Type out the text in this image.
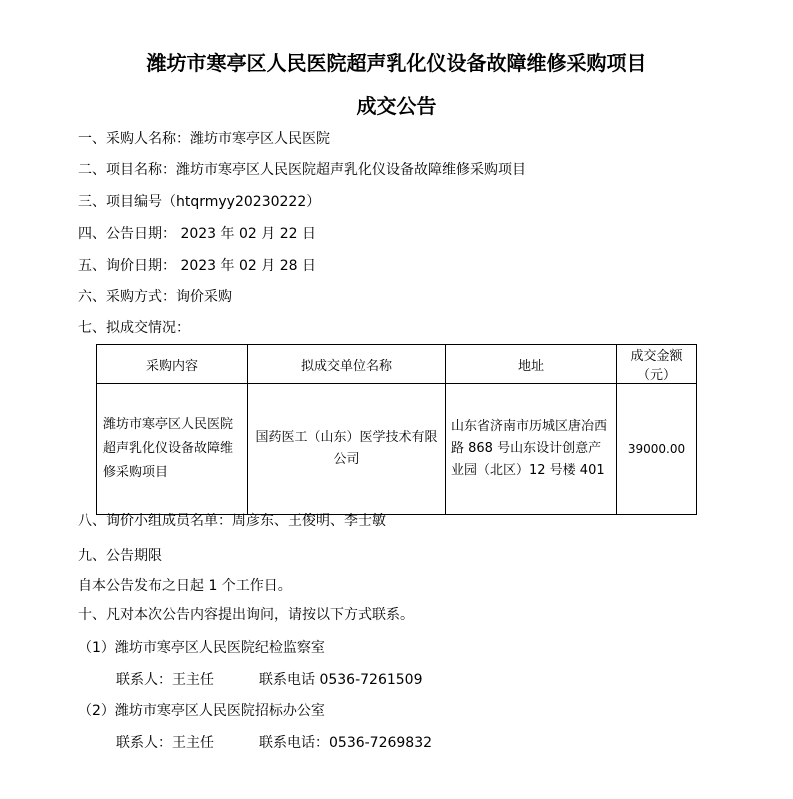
潍坊市寒亭区人民医院超声乳化仪设备故障维修采购项目
成交公告
一、采购人名称：潍坊市寒亭区人民医院
二、项目名称：潍坊市寒亭区人民医院超声乳化仪设备故障维修采购项目
三、项目编号（htqrmyy20230222）
四、公告日期： 2023 年 02 月 22 日
五、询价日期： 2023 年 02 月 28 日
六、采购方式：询价采购
七、拟成交情况：
采购内容	拟成交单位名称	地址	成交金额（元）
潍坊市寒亭区人民医院超声乳化仪设备故障维修采购项目	国药医工（山东）医学技术有限公司	山东省济南市历城区唐冶西路 868 号山东设计创意产业园（北区）12 号楼 401	39000.00
八、询价小组成员名单：周彦东、王俊明、李士敏
九、公告期限
自本公告发布之日起 1 个工作日。
十、凡对本次公告内容提出询问，请按以下方式联系。
（1）潍坊市寒亭区人民医院纪检监察室
联系人：王主任	联系电话 0536-7261509
（2）潍坊市寒亭区人民医院招标办公室
联系人：王主任	联系电话：0536-7269832
